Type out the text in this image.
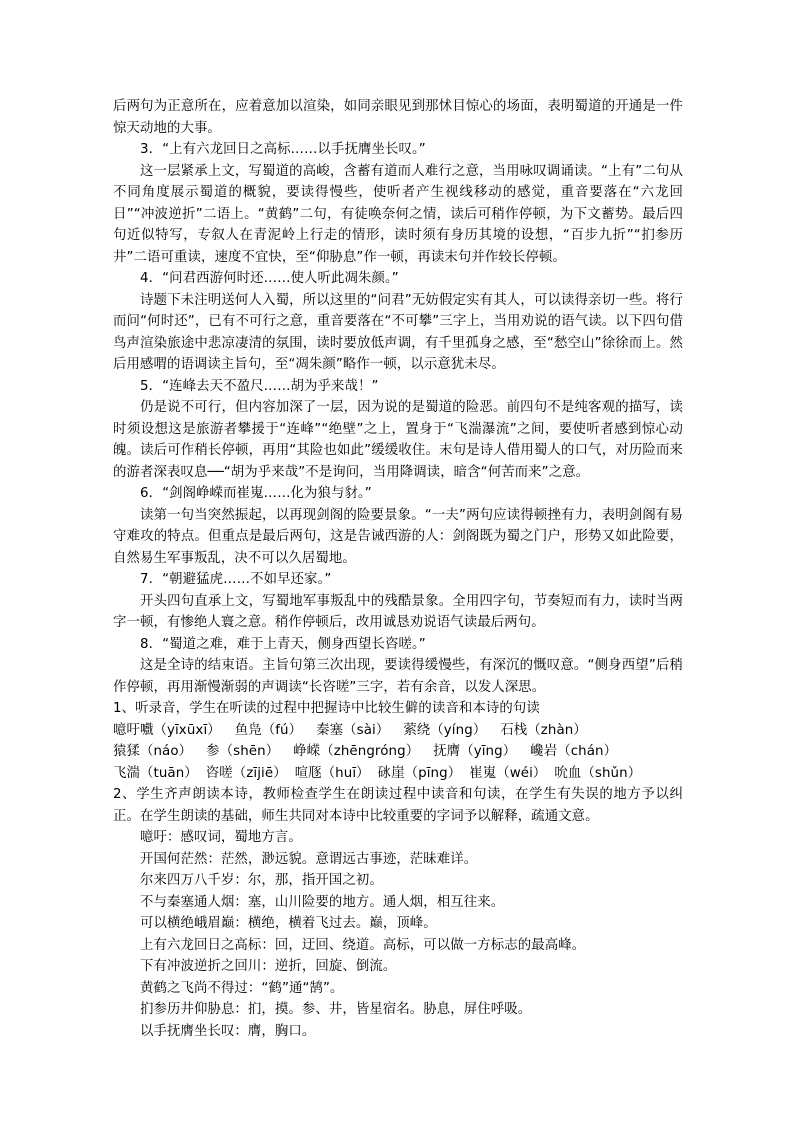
后两句为正意所在，应着意加以渲染，如同亲眼见到那怵目惊心的场面，表明蜀道的开通是一件惊天动地的大事。

3．“上有六龙回日之高标……以手抚膺坐长叹。”

这一层紧承上文，写蜀道的高峻，含蓄有道而人难行之意，当用咏叹调诵读。“上有”二句从不同角度展示蜀道的概貌，要读得慢些，使听者产生视线移动的感觉，重音要落在“六龙回日”“冲波逆折”二语上。“黄鹤”二句，有徒唤奈何之情，读后可稍作停顿，为下文蓄势。最后四句近似特写，专叙人在青泥岭上行走的情形，读时须有身历其境的设想，“百步九折”“扪参历井”二语可重读，速度不宜快，至“仰胁息”作一顿，再读末句并作较长停顿。

4．“问君西游何时还……使人听此凋朱颜。”

诗题下未注明送何人入蜀，所以这里的“问君”无妨假定实有其人，可以读得亲切一些。将行而问“何时还”，已有不可行之意，重音要落在“不可攀”三字上，当用劝说的语气读。以下四句借鸟声渲染旅途中悲凉凄清的氛围，读时要放低声调，有千里孤身之感，至“愁空山”徐徐而上。然后用感喟的语调读主旨句，至“凋朱颜”略作一顿，以示意犹未尽。

5．“连峰去天不盈尺……胡为乎来哉！”

仍是说不可行，但内容加深了一层，因为说的是蜀道的险恶。前四句不是纯客观的描写，读时须设想这是旅游者攀援于“连峰”“绝壁”之上，置身于“飞湍瀑流”之间，要使听者感到惊心动魄。读后可作稍长停顿，再用“其险也如此”缓缓收住。末句是诗人借用蜀人的口气，对历险而来的游者深表叹息──“胡为乎来哉”不是询问，当用降调读，暗含“何苦而来”之意。

6．“剑阁峥嵘而崔嵬……化为狼与豺。”

读第一句当突然振起，以再现剑阁的险要景象。“一夫”两句应读得顿挫有力，表明剑阁有易守难攻的特点。但重点是最后两句，这是告诫西游的人：剑阁既为蜀之门户，形势又如此险要，自然易生军事叛乱，决不可以久居蜀地。

7．“朝避猛虎……不如早还家。”

开头四句直承上文，写蜀地军事叛乱中的残酷景象。全用四字句，节奏短而有力，读时当两字一顿，有惨绝人寰之意。稍作停顿后，改用诚恳劝说语气读最后两句。

8．“蜀道之难，难于上青天，侧身西望长咨嗟。”

这是全诗的结束语。主旨句第三次出现，要读得缓慢些，有深沉的慨叹意。“侧身西望”后稍作停顿，再用渐慢渐弱的声调读“长咨嗟”三字，若有余音，以发人深思。

1、听录音，学生在听读的过程中把握诗中比较生僻的读音和本诗的句读

噫吁嚱（yīxūxī） 鱼凫（fú） 秦塞（sài） 萦绕（yíng） 石栈（zhàn）
猿猱（náo） 参（shēn） 峥嵘（zhēngróng） 抚膺（yīng） 巉岩（chán）
飞湍（tuān） 咨嗟（zījiē） 喧豗（huī） 砯崖（pīng） 崔嵬（wéi） 吮血（shǔn）

2、学生齐声朗读本诗，教师检查学生在朗读过程中读音和句读，在学生有失误的地方予以纠正。在学生朗读的基础，师生共同对本诗中比较重要的字词予以解释，疏通文意。

噫吁：感叹词，蜀地方言。

开国何茫然：茫然，渺远貌。意谓远古事迹，茫昧难详。

尔来四万八千岁：尔，那，指开国之初。

不与秦塞通人烟：塞，山川险要的地方。通人烟，相互往来。

可以横绝峨眉巅：横绝，横着飞过去。巅，顶峰。

上有六龙回日之高标：回，迂回、绕道。高标，可以做一方标志的最高峰。

下有冲波逆折之回川：逆折，回旋、倒流。

黄鹤之飞尚不得过：“鹤”通“鹄”。

扪参历井仰胁息：扪，摸。参、井，皆星宿名。胁息，屏住呼吸。

以手抚膺坐长叹：膺，胸口。
